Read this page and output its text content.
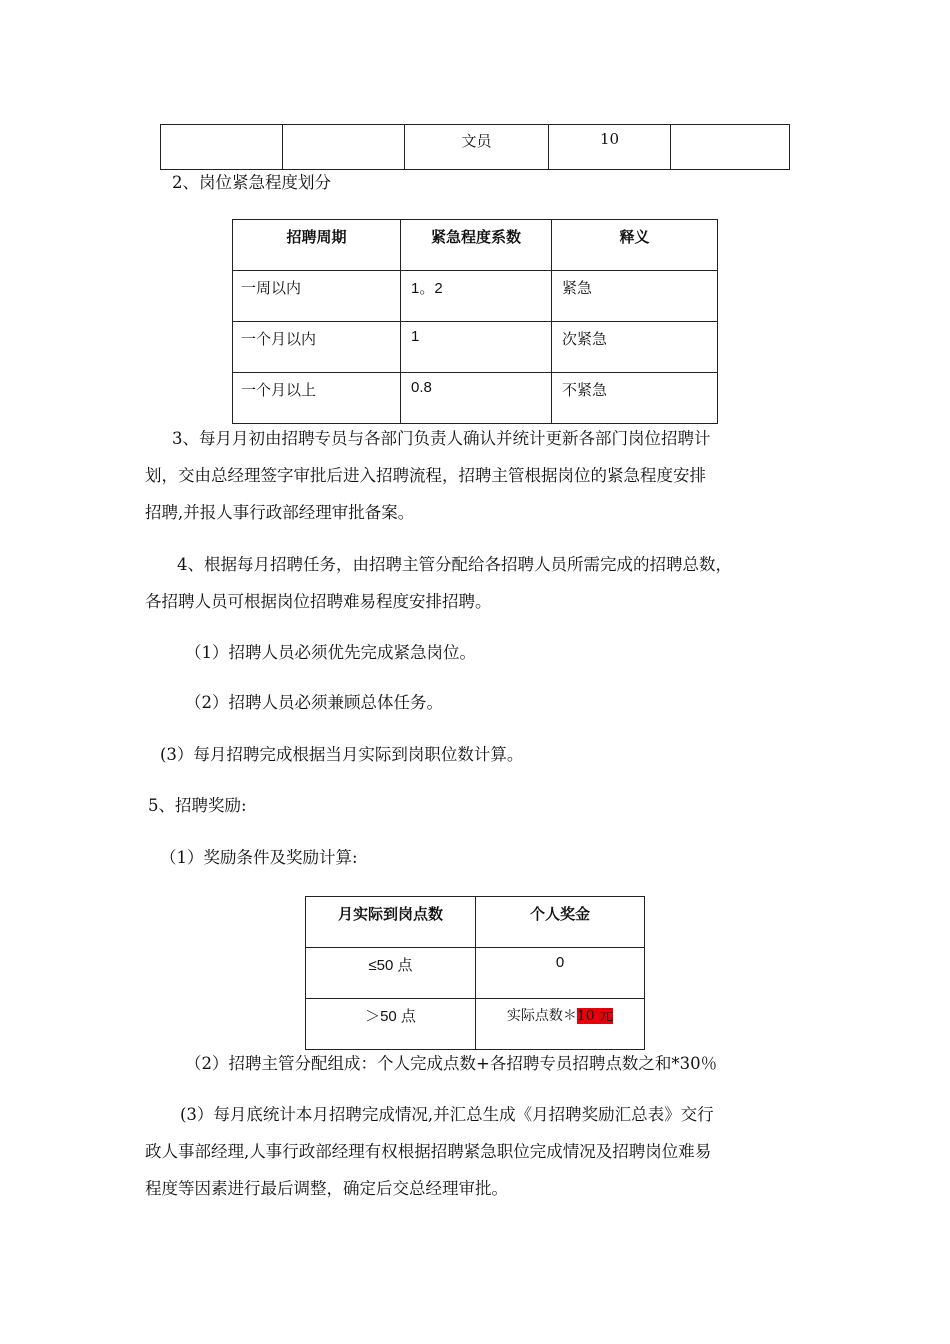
文员	10

2、岗位紧急程度划分
招聘周期	紧急程度系数	释义

一周以内	1。2	紧急

一个月以内	1	次紧急

一个月以上	0.8	不紧急
3、每月月初由招聘专员与各部门负责人确认并统计更新各部门岗位招聘计
划，交由总经理签字审批后进入招聘流程，招聘主管根据岗位的紧急程度安排
招聘,并报人事行政部经理审批备案。
4、根据每月招聘任务，由招聘主管分配给各招聘人员所需完成的招聘总数，
各招聘人员可根据岗位招聘难易程度安排招聘。
（1）招聘人员必须优先完成紧急岗位。
（2）招聘人员必须兼顾总体任务。
(3）每月招聘完成根据当月实际到岗职位数计算。
5、招聘奖励:
（1）奖励条件及奖励计算:
月实际到岗点数	个人奖金

≤50 点	0

＞50 点	实际点数＊10 元
（2）招聘主管分配组成：个人完成点数+各招聘专员招聘点数之和*30％
(3）每月底统计本月招聘完成情况,并汇总生成《月招聘奖励汇总表》交行
政人事部经理,人事行政部经理有权根据招聘紧急职位完成情况及招聘岗位难易
程度等因素进行最后调整，确定后交总经理审批。
